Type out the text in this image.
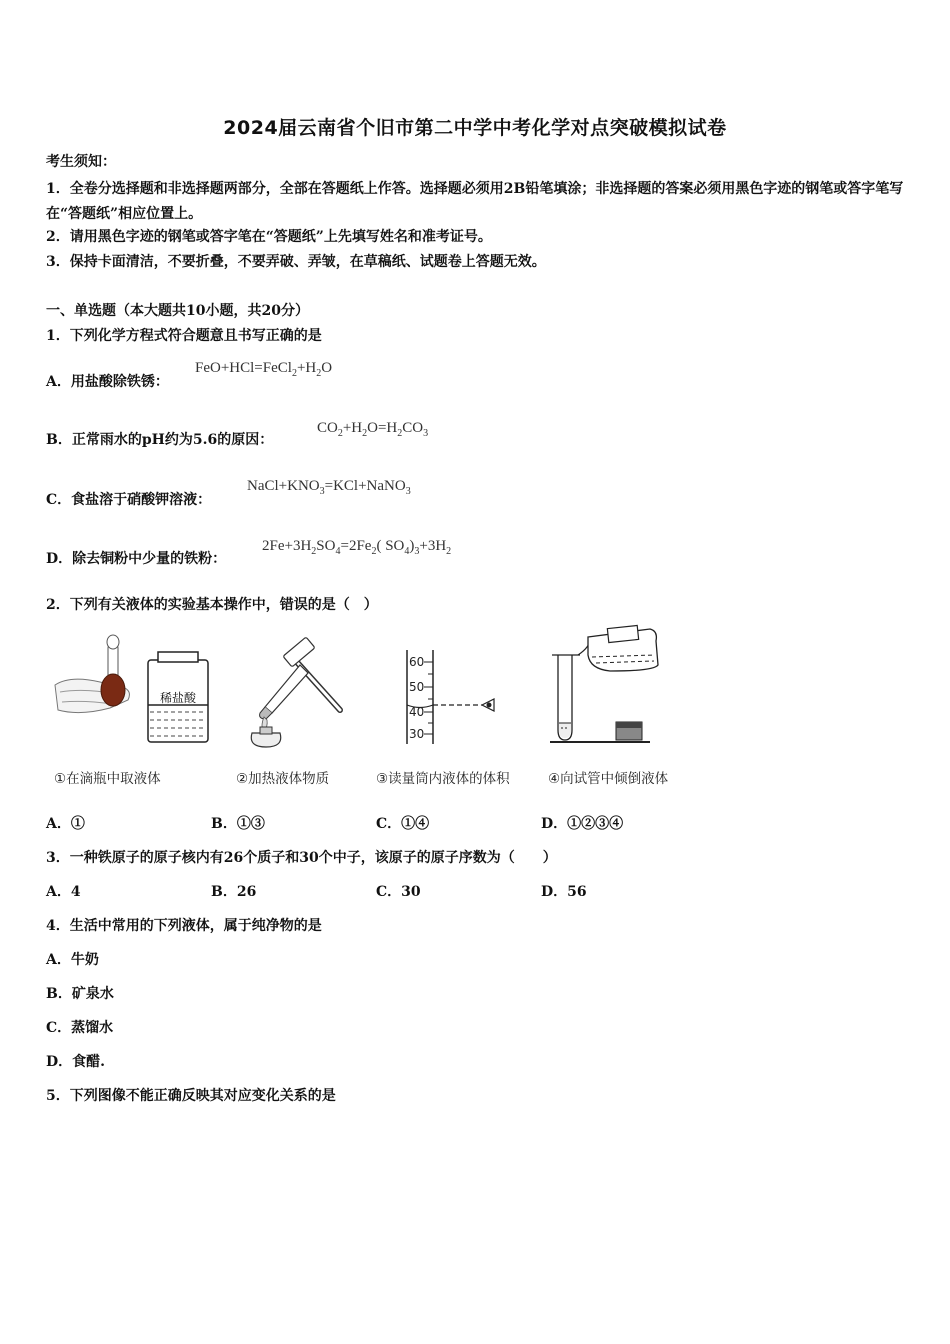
2024届云南省个旧市第二中学中考化学对点突破模拟试卷
考生须知：
1．全卷分选择题和非选择题两部分，全部在答题纸上作答。选择题必须用2B铅笔填涂；非选择题的答案必须用黑色字迹的钢笔或答字笔写在“答题纸”相应位置上。
2．请用黑色字迹的钢笔或答字笔在“答题纸”上先填写姓名和准考证号。
3．保持卡面清洁，不要折叠，不要弄破、弄皱，在草稿纸、试题卷上答题无效。
一、单选题（本大题共10小题，共20分）
1．下列化学方程式符合题意且书写正确的是
A．用盐酸除铁锈：
$FeO+HCl=FeCl_2+H_2O$
B．正常雨水的pH约为5.6的原因：
$CO_2+H_2O=H_2CO_3$
C．食盐溶于硝酸钾溶液：
$NaCl+KNO_3=KCl+NaNO_3$
D．除去铜粉中少量的铁粉：
$2Fe+3H_2SO_4=2Fe_2$( $SO_4)_3+3H_2$
2．下列有关液体的实验基本操作中，错误的是（　）
稀盐酸
60
50
40
30
①在滴瓶中取液体	②加热液体物质	③读量筒内液体的体积	④向试管中倾倒液体
A．①	B．①③	C．①④	D．①②③④
3．一种铁原子的原子核内有26个质子和30个中子，该原子的原子序数为（　　）
A．4	B．26	C．30	D．56
4．生活中常用的下列液体，属于纯净物的是
A．牛奶
B．矿泉水
C．蒸馏水
D．食醋.
5．下列图像不能正确反映其对应变化关系的是
